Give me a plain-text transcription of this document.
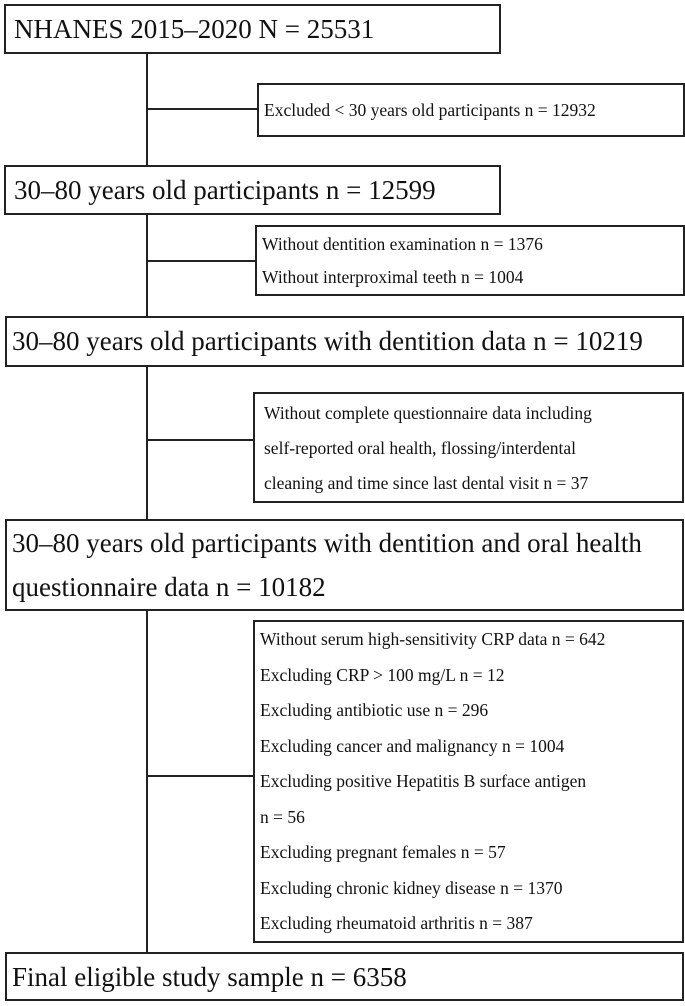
NHANES 2015–2020 N = 25531
Excluded < 30 years old participants n = 12932
30–80 years old participants n = 12599
Without dentition examination n = 1376
Without interproximal teeth n = 1004
30–80 years old participants with dentition data n = 10219
Without complete questionnaire data including
self-reported oral health, flossing/interdental
cleaning and time since last dental visit n = 37
30–80 years old participants with dentition and oral health
questionnaire data n = 10182
Without serum high-sensitivity CRP data n = 642
Excluding CRP > 100 mg/L n = 12
Excluding antibiotic use n = 296
Excluding cancer and malignancy n = 1004
Excluding positive Hepatitis B surface antigen
n = 56
Excluding pregnant females n = 57
Excluding chronic kidney disease n = 1370
Excluding rheumatoid arthritis n = 387
Final eligible study sample n = 6358
